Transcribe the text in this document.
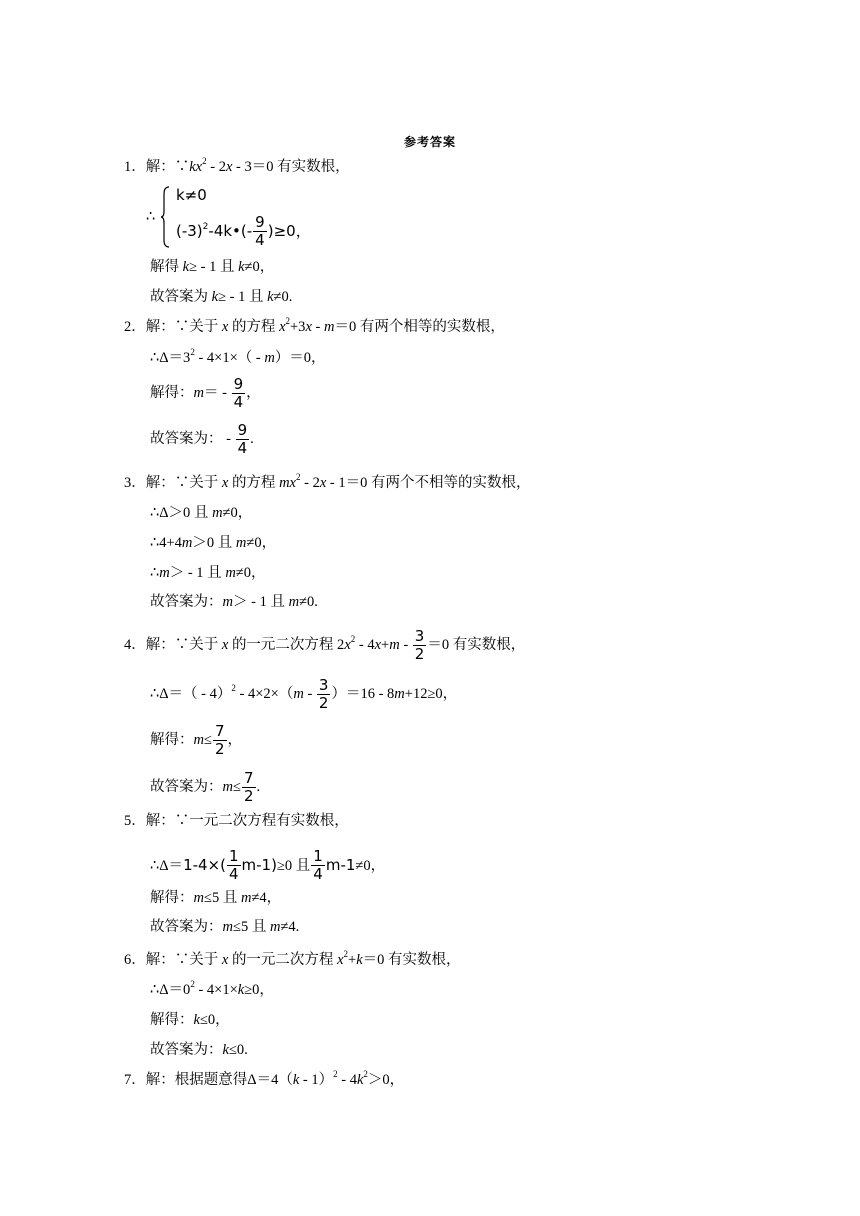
参考答案
1．解：$\because kx^2 - 2x - 3=0$ 有实数根，
∴
k≠0
$(-3)^2-4k•(- \frac{9}{4} )\ge 0$，
解得 k≥ - 1 且 k≠0，
故答案为 k≥ - 1 且 k≠0.
2．解：∵关于 x 的方程 $x^2+3x - m=0$ 有两个相等的实数根，
$\therefore\Delta=3^2 - 4\times 1\times( - m)=0$，
解得：$m= - \frac{9}{4}$ ，
故答案为： - $\frac{9}{4}$ .
3．解：∵关于 x 的方程 $mx^2 - 2x - 1=0$ 有两个不相等的实数根，
∴Δ＞0 且 m≠0，
∴4+4m＞0 且 m≠0，
∴m＞ - 1 且 m≠0，
故答案为：m＞ - 1 且 m≠0.
4．解：∵关于 x 的一元二次方程 $2x^2 - 4x+m - \frac{3}{2} =0$ 有实数根，
∴Δ＝（ - $4)^2 - 4\times 2\times(m - \frac{3}{2} )=16 - 8m+12\ge 0$，
解得：$m\le \frac{7}{2}$ ，
故答案为：$m\le \frac{7}{2}$ .
5．解：∵一元二次方程有实数根，
∴Δ＝1-4×( $\frac{1}{4} m-1)\ge 0$ 且 $\frac{1}{4} m-1\ne 0$，
解得：m≤5 且 m≠4，
故答案为：m≤5 且 m≠4.
6．解：∵关于 x 的一元二次方程 $x^2+k=0$ 有实数根，
$\therefore\Delta=0^2 - 4\times 1\times k\ge 0$，
解得：k≤0，
故答案为：k≤0.
7．解：根据题意得$\Delta=4(k - 1)^2 - 4k^2>0$，
